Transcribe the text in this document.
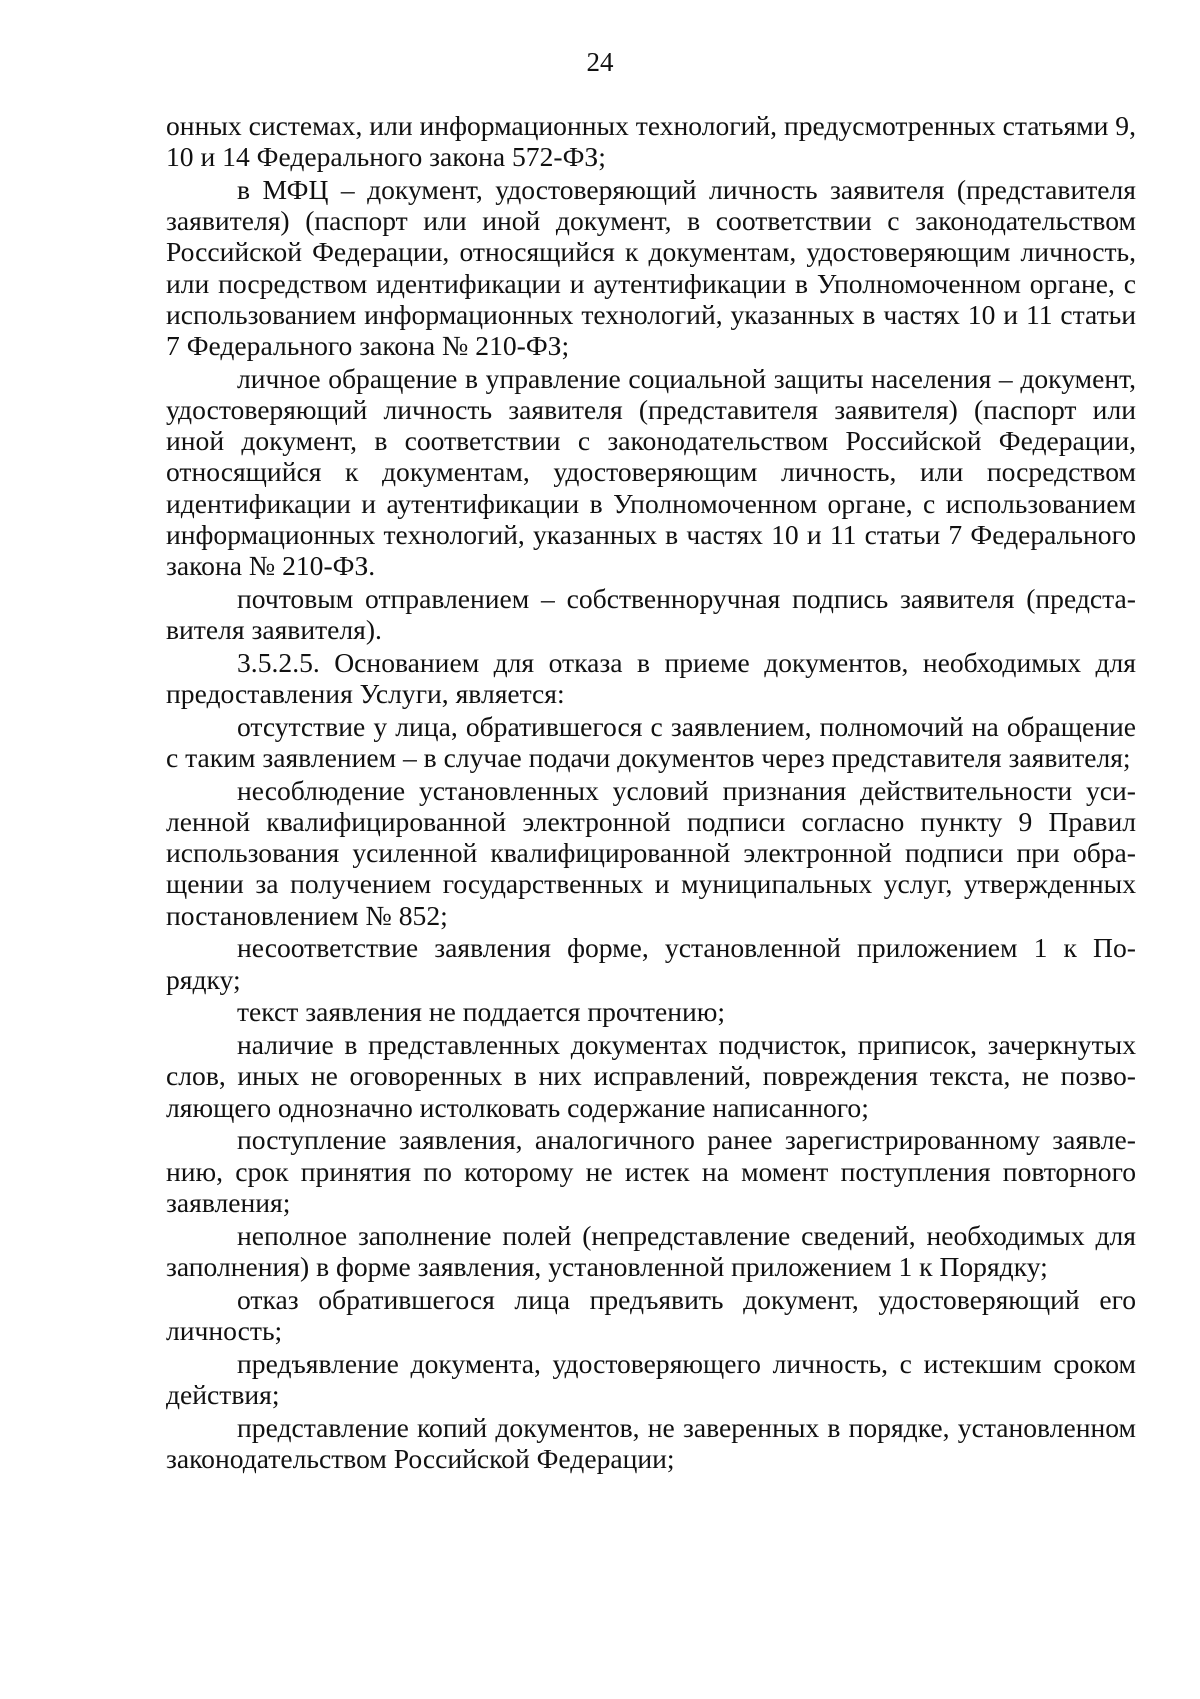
24

онных системах, или информационных технологий, предусмотренных статьями 9, 10 и 14 Федерального закона 572-ФЗ;

в МФЦ – документ, удостоверяющий личность заявителя (представителя заявителя) (паспорт или иной документ, в соответствии с законодательством Российской Федерации, относящийся к документам, удостоверяющим личность, или посредством идентификации и аутентификации в Уполномоченном органе, с использованием информационных технологий, указанных в частях 10 и 11 статьи 7 Федерального закона № 210-ФЗ;

личное обращение в управление социальной защиты населения – документ, удостоверяющий личность заявителя (представителя заявителя) (паспорт или иной документ, в соответствии с законодательством Российской Федерации, относящийся к документам, удостоверяющим личность, или посредством идентификации и аутентификации в Уполномоченном органе, с использованием информационных технологий, указанных в частях 10 и 11 статьи 7 Федерального закона № 210-ФЗ.

почтовым отправлением – собственноручная подпись заявителя (представителя заявителя).

3.5.2.5. Основанием для отказа в приеме документов, необходимых для предоставления Услуги, является:

отсутствие у лица, обратившегося с заявлением, полномочий на обращение с таким заявлением – в случае подачи документов через представителя заявителя;

несоблюдение установленных условий признания действительности усиленной квалифицированной электронной подписи согласно пункту 9 Правил использования усиленной квалифицированной электронной подписи при обращении за получением государственных и муниципальных услуг, утвержденных постановлением № 852;

несоответствие заявления форме, установленной приложением 1 к Порядку;

текст заявления не поддается прочтению;

наличие в представленных документах подчисток, приписок, зачеркнутых слов, иных не оговоренных в них исправлений, повреждения текста, не позволяющего однозначно истолковать содержание написанного;

поступление заявления, аналогичного ранее зарегистрированному заявлению, срок принятия по которому не истек на момент поступления повторного заявления;

неполное заполнение полей (непредставление сведений, необходимых для заполнения) в форме заявления, установленной приложением 1 к Порядку;

отказ обратившегося лица предъявить документ, удостоверяющий его личность;

предъявление документа, удостоверяющего личность, с истекшим сроком действия;

представление копий документов, не заверенных в порядке, установленном законодательством Российской Федерации;
